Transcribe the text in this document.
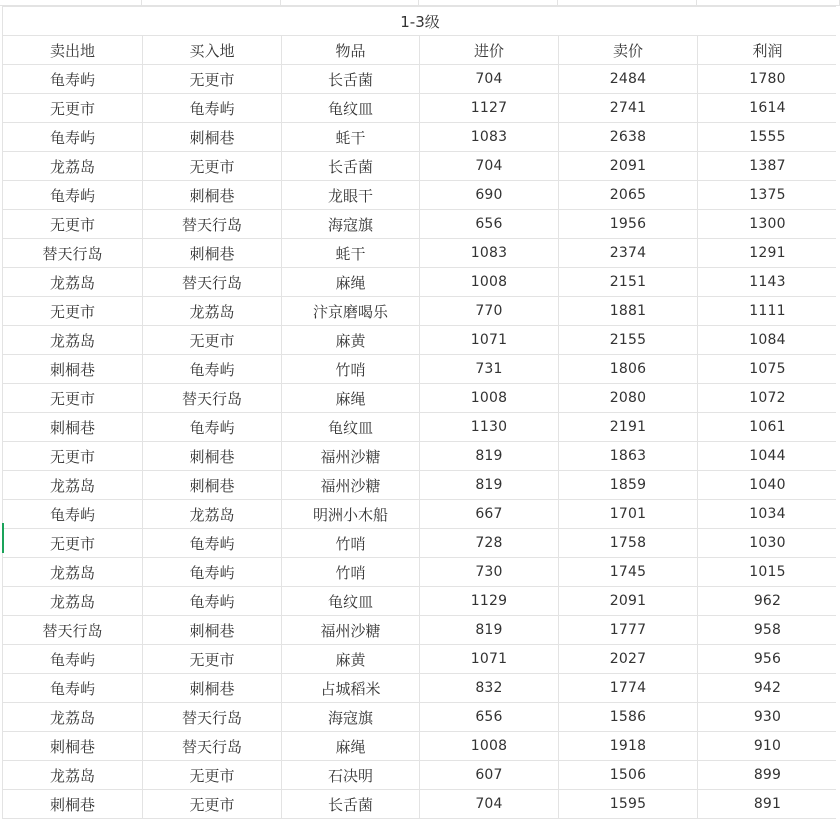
1-3级					
卖出地	买入地	物品	进价	卖价	利润
龟寿屿	无更市	长舌菌	704	2484	1780
无更市	龟寿屿	龟纹皿	1127	2741	1614
龟寿屿	刺桐巷	蚝干	1083	2638	1555
龙荔岛	无更市	长舌菌	704	2091	1387
龟寿屿	刺桐巷	龙眼干	690	2065	1375
无更市	替天行岛	海寇旗	656	1956	1300
替天行岛	刺桐巷	蚝干	1083	2374	1291
龙荔岛	替天行岛	麻绳	1008	2151	1143
无更市	龙荔岛	汴京磨喝乐	770	1881	1111
龙荔岛	无更市	麻黄	1071	2155	1084
刺桐巷	龟寿屿	竹哨	731	1806	1075
无更市	替天行岛	麻绳	1008	2080	1072
刺桐巷	龟寿屿	龟纹皿	1130	2191	1061
无更市	刺桐巷	福州沙糖	819	1863	1044
龙荔岛	刺桐巷	福州沙糖	819	1859	1040
龟寿屿	龙荔岛	明洲小木船	667	1701	1034
无更市	龟寿屿	竹哨	728	1758	1030
龙荔岛	龟寿屿	竹哨	730	1745	1015
龙荔岛	龟寿屿	龟纹皿	1129	2091	962
替天行岛	刺桐巷	福州沙糖	819	1777	958
龟寿屿	无更市	麻黄	1071	2027	956
龟寿屿	刺桐巷	占城稻米	832	1774	942
龙荔岛	替天行岛	海寇旗	656	1586	930
刺桐巷	替天行岛	麻绳	1008	1918	910
龙荔岛	无更市	石决明	607	1506	899
刺桐巷	无更市	长舌菌	704	1595	891
